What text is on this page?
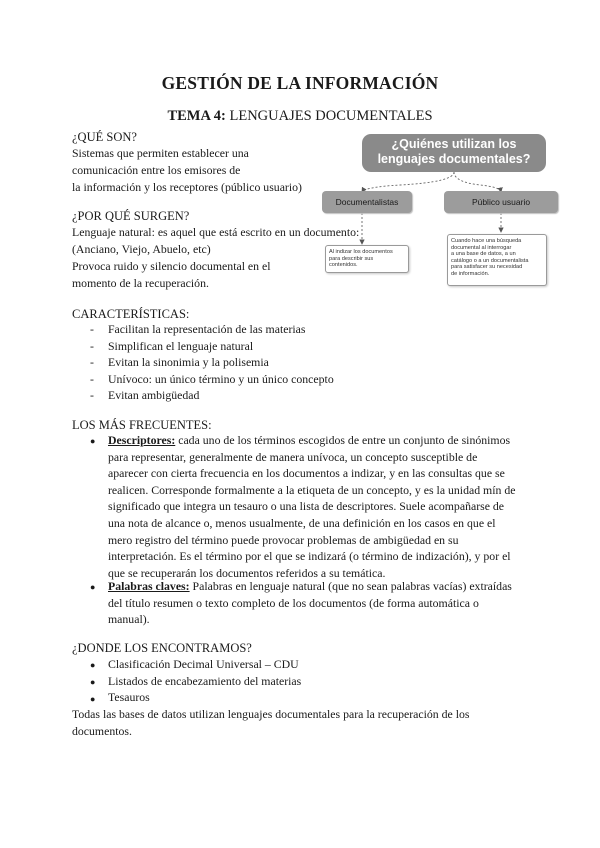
GESTIÓN DE LA INFORMACIÓN
TEMA 4: LENGUAJES DOCUMENTALES
¿QUÉ SON?
Sistemas que permiten establecer una
comunicación entre los emisores de
la información y los receptores (público usuario)
¿POR QUÉ SURGEN?
Lenguaje natural: es aquel que está escrito en un documento:
(Anciano, Viejo, Abuelo, etc)
Provoca ruido y silencio documental en el
momento de la recuperación.
¿Quiénes utilizan los
lenguajes documentales?
Documentalistas	Público usuario
Al indizar los documentos
para describir sus
contenidos.
Cuando hace una búsqueda
documental al interrogar
a una base de datos, a un
catálogo o a un documentalista
para satisfacer su necesidad
de información.
CARACTERÍSTICAS:
- Facilitan la representación de las materias
- Simplifican el lenguaje natural
- Evitan la sinonimia y la polisemia
- Unívoco: un único término y un único concepto
- Evitan ambigüedad
LOS MÁS FRECUENTES:
● Descriptores: cada uno de los términos escogidos de entre un conjunto de sinónimos
para representar, generalmente de manera unívoca, un concepto susceptible de
aparecer con cierta frecuencia en los documentos a indizar, y en las consultas que se
realicen. Corresponde formalmente a la etiqueta de un concepto, y es la unidad mín de
significado que integra un tesauro o una lista de descriptores. Suele acompañarse de
una nota de alcance o, menos usualmente, de una definición en los casos en que el
mero registro del término puede provocar problemas de ambigüedad en su
interpretación. Es el término por el que se indizará (o término de indización), y por el
que se recuperarán los documentos referidos a su temática.
● Palabras claves: Palabras en lenguaje natural (que no sean palabras vacías) extraídas
del título resumen o texto completo de los documentos (de forma automática o
manual).
¿DONDE LOS ENCONTRAMOS?
●
●
●
Clasificación Decimal Universal – CDU
Listados de encabezamiento del materias
Tesauros
Todas las bases de datos utilizan lenguajes documentales para la recuperación de los
documentos.
